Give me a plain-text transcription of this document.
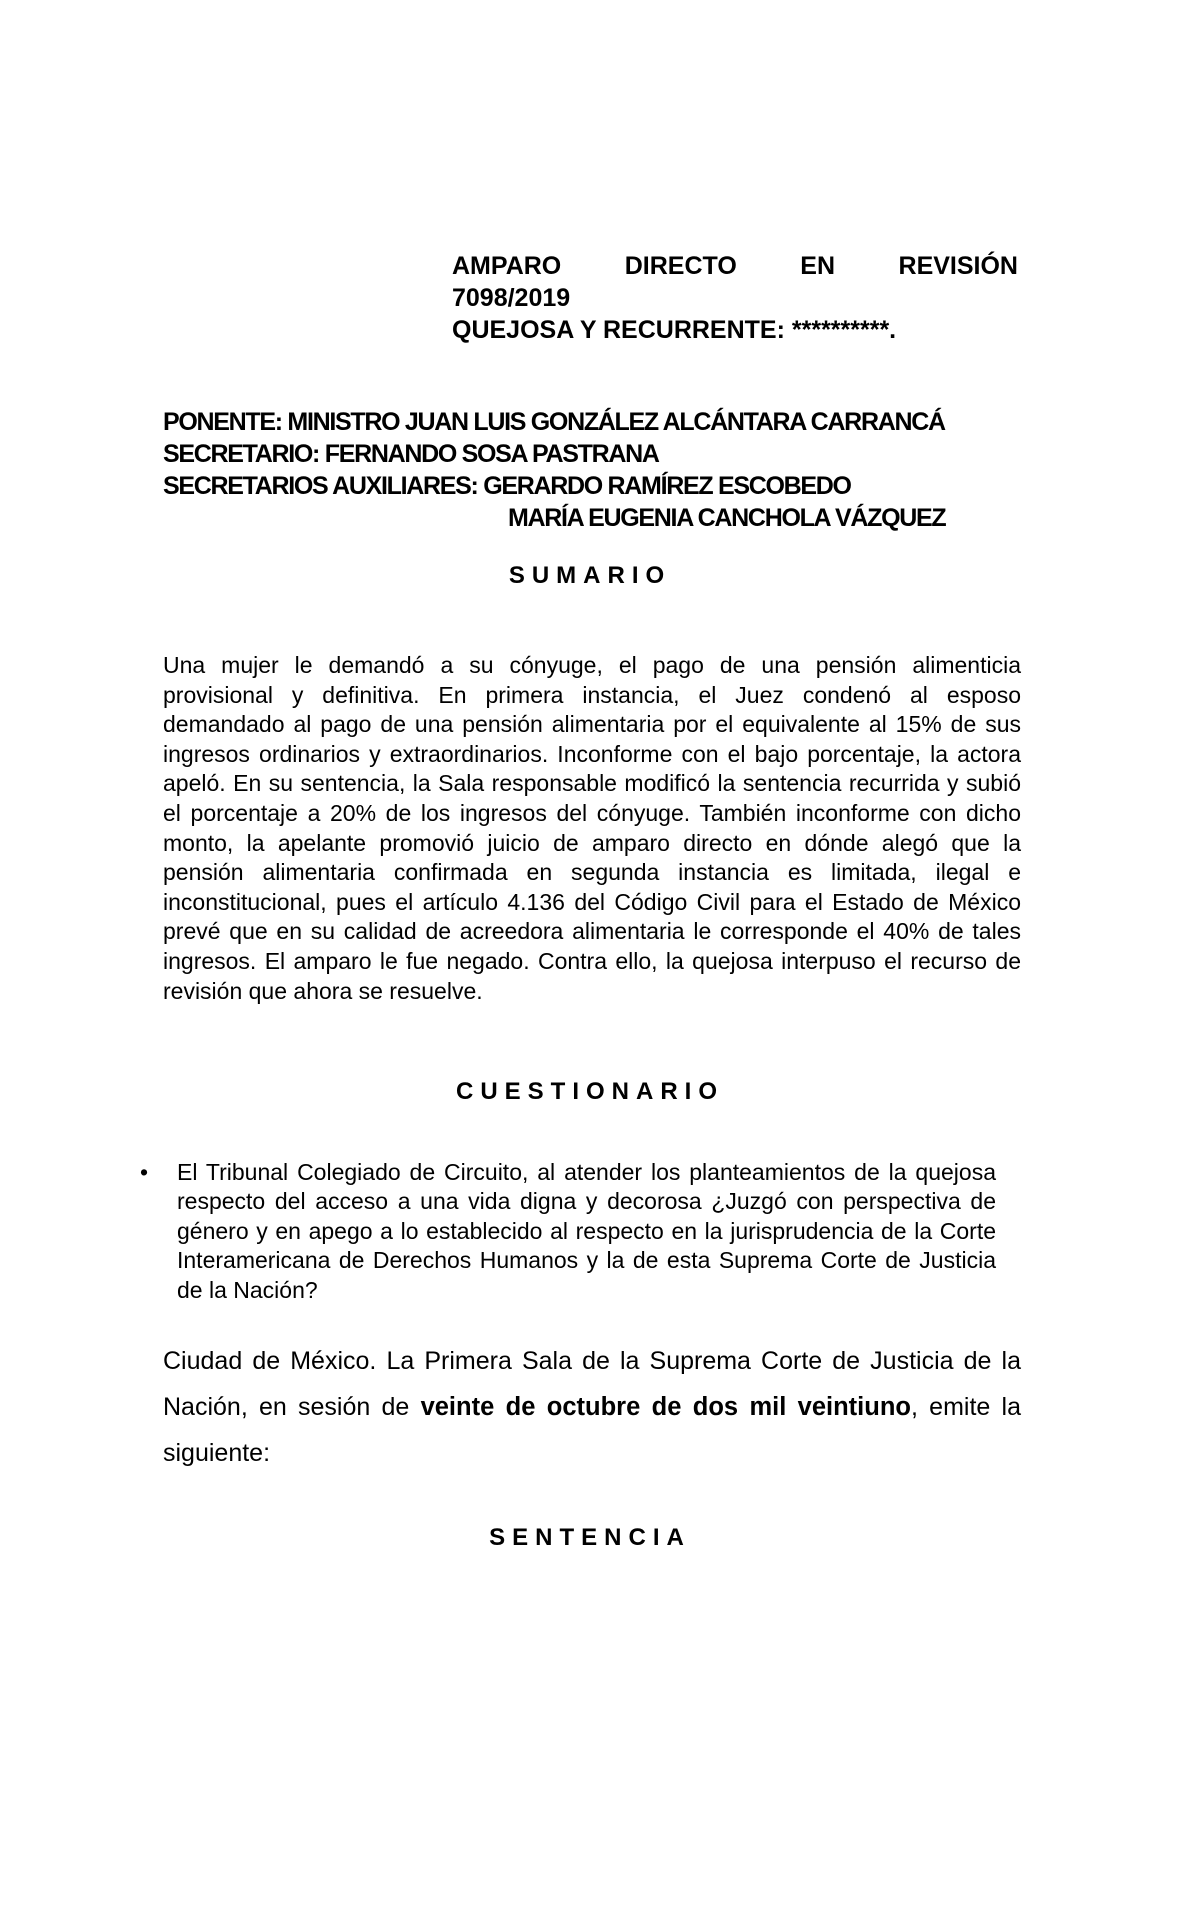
AMPARO	DIRECTO	EN	REVISIÓN
7098/2019
QUEJOSA Y RECURRENTE: **********.
PONENTE: MINISTRO JUAN LUIS GONZÁLEZ ALCÁNTARA CARRANCÁ
SECRETARIO: FERNANDO SOSA PASTRANA
SECRETARIOS AUXILIARES: GERARDO RAMÍREZ ESCOBEDO
MARÍA EUGENIA CANCHOLA VÁZQUEZ
SUMARIO
Una mujer le demandó a su cónyuge, el pago de una pensión alimenticia provisional y definitiva. En primera instancia, el Juez condenó al esposo demandado al pago de una pensión alimentaria por el equivalente al 15% de sus ingresos ordinarios y extraordinarios. Inconforme con el bajo porcentaje, la actora apeló. En su sentencia, la Sala responsable modificó la sentencia recurrida y subió el porcentaje a 20% de los ingresos del cónyuge. También inconforme con dicho monto, la apelante promovió juicio de amparo directo en dónde alegó que la pensión alimentaria confirmada en segunda instancia es limitada, ilegal e inconstitucional, pues el artículo 4.136 del Código Civil para el Estado de México prevé que en su calidad de acreedora alimentaria le corresponde el 40% de tales ingresos. El amparo le fue negado. Contra ello, la quejosa interpuso el recurso de revisión que ahora se resuelve.
CUESTIONARIO
• El Tribunal Colegiado de Circuito, al atender los planteamientos de la quejosa respecto del acceso a una vida digna y decorosa ¿Juzgó con perspectiva de género y en apego a lo establecido al respecto en la jurisprudencia de la Corte Interamericana de Derechos Humanos y la de esta Suprema Corte de Justicia de la Nación?
Ciudad de México. La Primera Sala de la Suprema Corte de Justicia de la Nación, en sesión de veinte de octubre de dos mil veintiuno, emite la siguiente:
SENTENCIA
